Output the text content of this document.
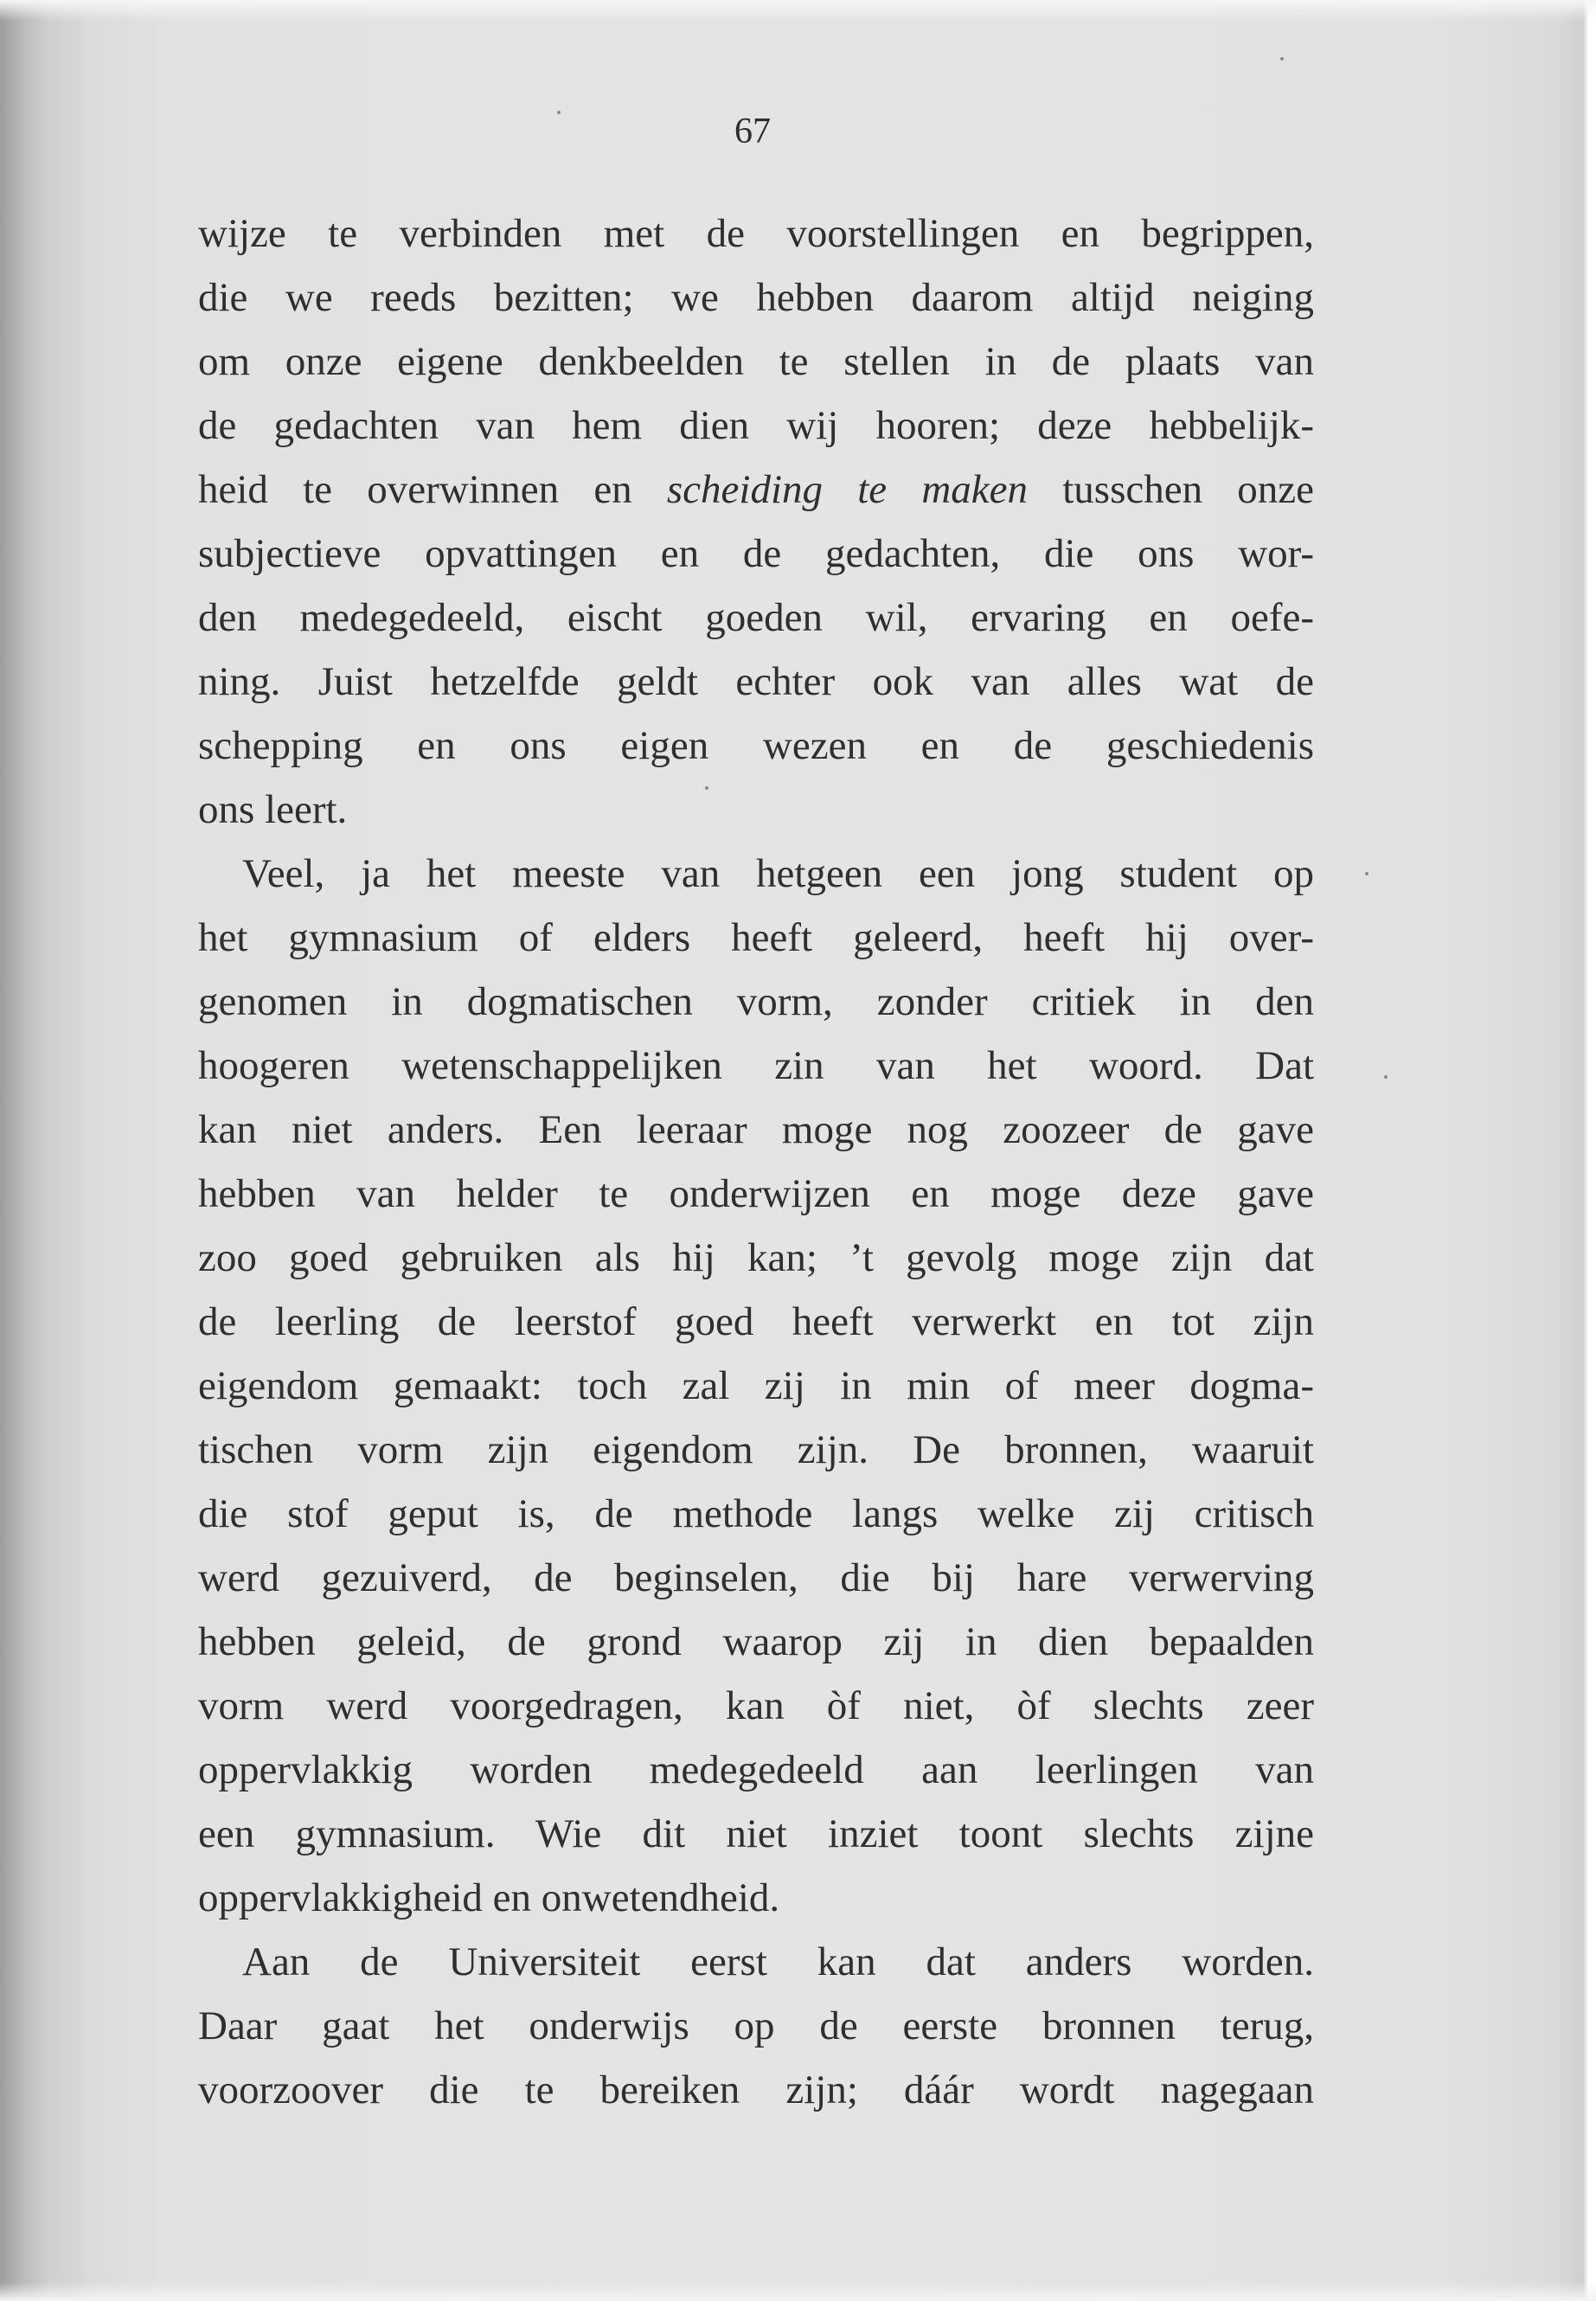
67
wijze te verbinden met de voorstellingen en begrippen,
die we reeds bezitten; we hebben daarom altijd neiging
om onze eigene denkbeelden te stellen in de plaats van
de gedachten van hem dien wij hooren; deze hebbelijk-
heid te overwinnen en scheiding te maken tusschen onze
subjectieve opvattingen en de gedachten, die ons wor-
den medegedeeld, eischt goeden wil, ervaring en oefe-
ning. Juist hetzelfde geldt echter ook van alles wat de
schepping en ons eigen wezen en de geschiedenis
ons leert.
Veel, ja het meeste van hetgeen een jong student op
het gymnasium of elders heeft geleerd, heeft hij over-
genomen in dogmatischen vorm, zonder critiek in den
hoogeren wetenschappelijken zin van het woord. Dat
kan niet anders. Een leeraar moge nog zoozeer de gave
hebben van helder te onderwijzen en moge deze gave
zoo goed gebruiken als hij kan; ’t gevolg moge zijn dat
de leerling de leerstof goed heeft verwerkt en tot zijn
eigendom gemaakt: toch zal zij in min of meer dogma-
tischen vorm zijn eigendom zijn. De bronnen, waaruit
die stof geput is, de methode langs welke zij critisch
werd gezuiverd, de beginselen, die bij hare verwerving
hebben geleid, de grond waarop zij in dien bepaalden
vorm werd voorgedragen, kan òf niet, òf slechts zeer
oppervlakkig worden medegedeeld aan leerlingen van
een gymnasium. Wie dit niet inziet toont slechts zijne
oppervlakkigheid en onwetendheid.
Aan de Universiteit eerst kan dat anders worden.
Daar gaat het onderwijs op de eerste bronnen terug,
voorzoover die te bereiken zijn; dáár wordt nagegaan
